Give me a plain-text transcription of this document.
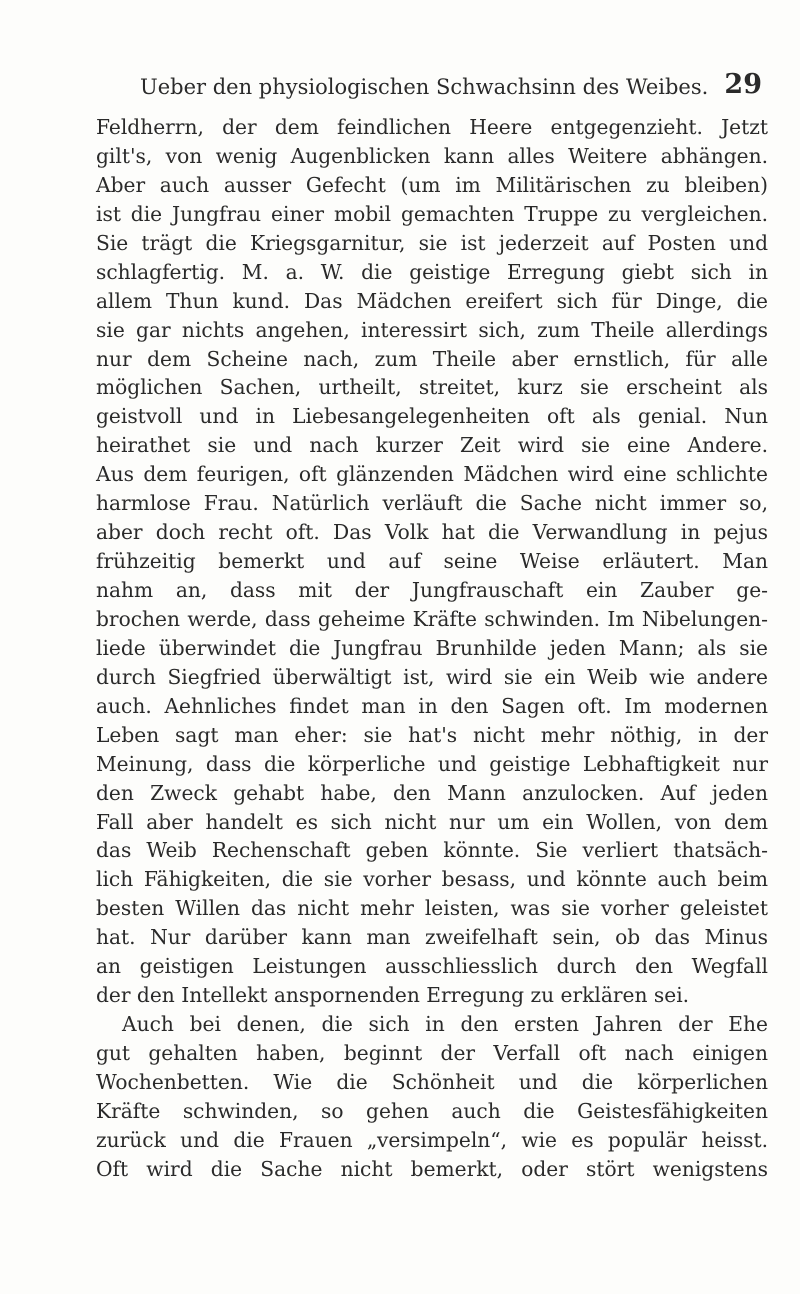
Ueber den physiologischen Schwachsinn des Weibes. 29
Feldherrn, der dem feindlichen Heere entgegenzieht. Jetzt
gilt's, von wenig Augenblicken kann alles Weitere abhängen.
Aber auch ausser Gefecht (um im Militärischen zu bleiben)
ist die Jungfrau einer mobil gemachten Truppe zu vergleichen.
Sie trägt die Kriegsgarnitur, sie ist jederzeit auf Posten und
schlagfertig. M. a. W. die geistige Erregung giebt sich in
allem Thun kund. Das Mädchen ereifert sich für Dinge, die
sie gar nichts angehen, interessirt sich, zum Theile allerdings
nur dem Scheine nach, zum Theile aber ernstlich, für alle
möglichen Sachen, urtheilt, streitet, kurz sie erscheint als
geistvoll und in Liebesangelegenheiten oft als genial. Nun
heirathet sie und nach kurzer Zeit wird sie eine Andere.
Aus dem feurigen, oft glänzenden Mädchen wird eine schlichte
harmlose Frau. Natürlich verläuft die Sache nicht immer so,
aber doch recht oft. Das Volk hat die Verwandlung in pejus
frühzeitig bemerkt und auf seine Weise erläutert. Man
nahm an, dass mit der Jungfrauschaft ein Zauber ge-
brochen werde, dass geheime Kräfte schwinden. Im Nibelungen-
liede überwindet die Jungfrau Brunhilde jeden Mann; als sie
durch Siegfried überwältigt ist, wird sie ein Weib wie andere
auch. Aehnliches findet man in den Sagen oft. Im modernen
Leben sagt man eher: sie hat's nicht mehr nöthig, in der
Meinung, dass die körperliche und geistige Lebhaftigkeit nur
den Zweck gehabt habe, den Mann anzulocken. Auf jeden
Fall aber handelt es sich nicht nur um ein Wollen, von dem
das Weib Rechenschaft geben könnte. Sie verliert thatsäch-
lich Fähigkeiten, die sie vorher besass, und könnte auch beim
besten Willen das nicht mehr leisten, was sie vorher geleistet
hat. Nur darüber kann man zweifelhaft sein, ob das Minus
an geistigen Leistungen ausschliesslich durch den Wegfall
der den Intellekt anspornenden Erregung zu erklären sei.
Auch bei denen, die sich in den ersten Jahren der Ehe
gut gehalten haben, beginnt der Verfall oft nach einigen
Wochenbetten. Wie die Schönheit und die körperlichen
Kräfte schwinden, so gehen auch die Geistesfähigkeiten
zurück und die Frauen „versimpeln“, wie es populär heisst.
Oft wird die Sache nicht bemerkt, oder stört wenigstens
